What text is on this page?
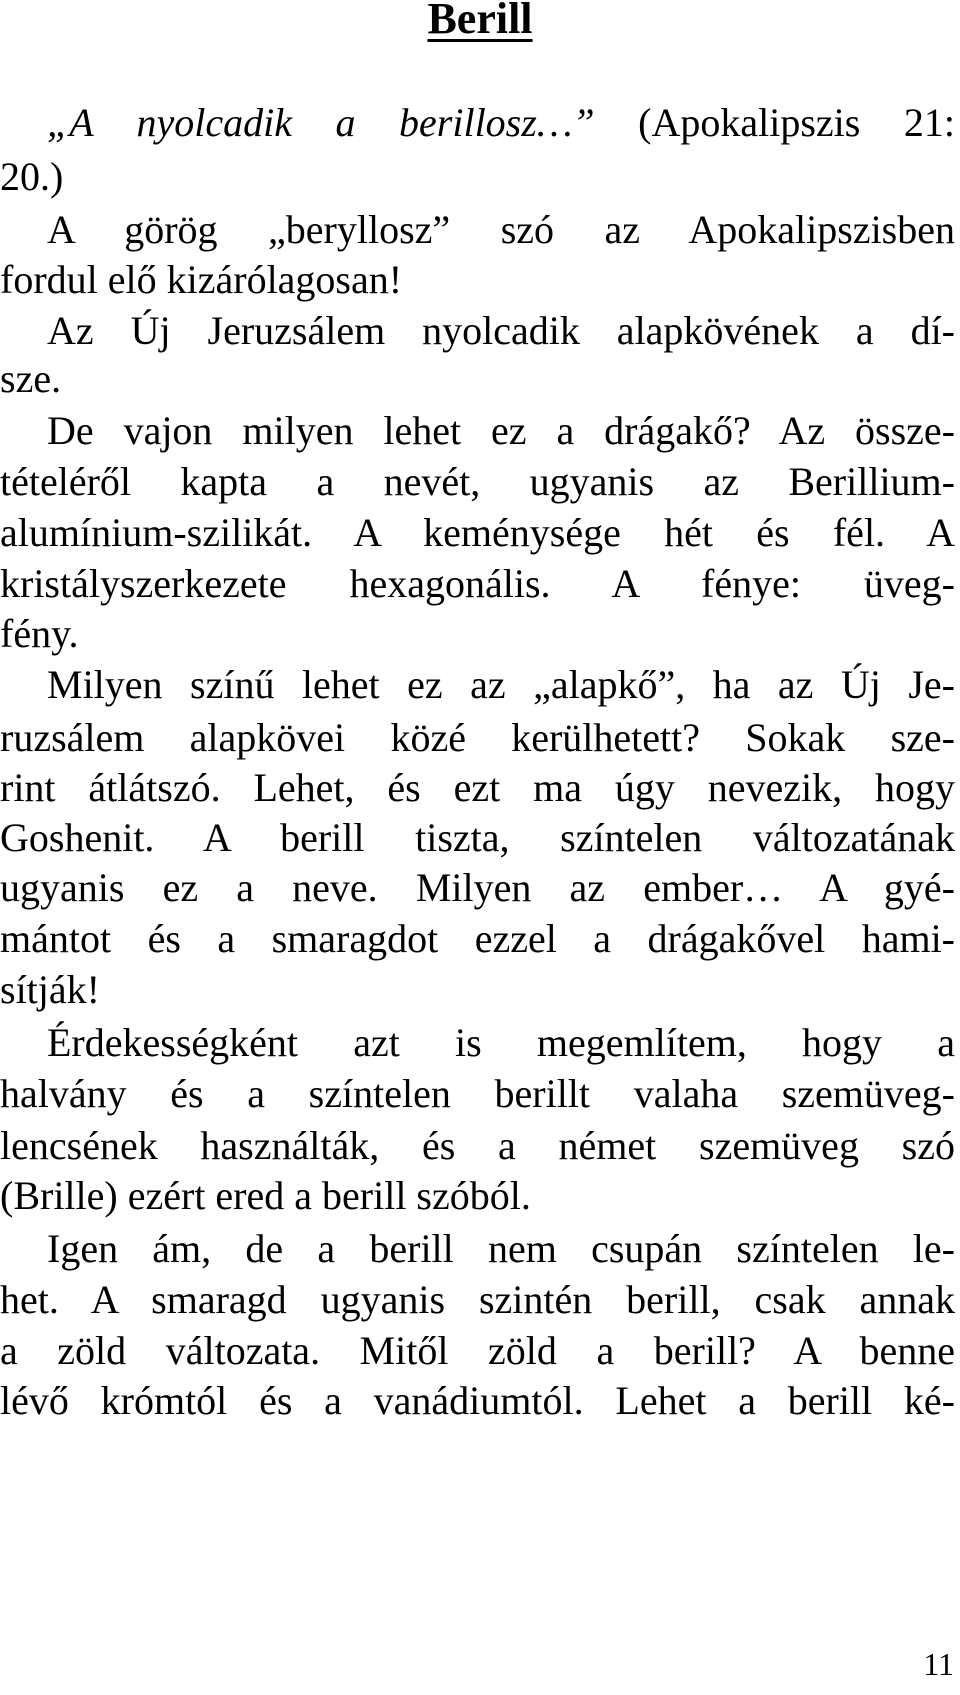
Berill
„A nyolcadik a berillosz…” (Apokalipszis 21:
20.)
A görög „beryllosz” szó az Apokalipszisben
fordul elő kizárólagosan!
Az Új Jeruzsálem nyolcadik alapkövének a dí-
sze.
De vajon milyen lehet ez a drágakő? Az össze-
tételéről kapta a nevét, ugyanis az Berillium-
alumínium-szilikát. A keménysége hét és fél. A
kristályszerkezete hexagonális. A fénye: üveg-
fény.
Milyen színű lehet ez az „alapkő”, ha az Új Je-
ruzsálem alapkövei közé kerülhetett? Sokak sze-
rint átlátszó. Lehet, és ezt ma úgy nevezik, hogy
Goshenit. A berill tiszta, színtelen változatának
ugyanis ez a neve. Milyen az ember… A gyé-
mántot és a smaragdot ezzel a drágakővel hami-
sítják!
Érdekességként azt is megemlítem, hogy a
halvány és a színtelen berillt valaha szemüveg-
lencsének használták, és a német szemüveg szó
(Brille) ezért ered a berill szóból.
Igen ám, de a berill nem csupán színtelen le-
het. A smaragd ugyanis szintén berill, csak annak
a zöld változata. Mitől zöld a berill? A benne
lévő krómtól és a vanádiumtól. Lehet a berill ké-
11
